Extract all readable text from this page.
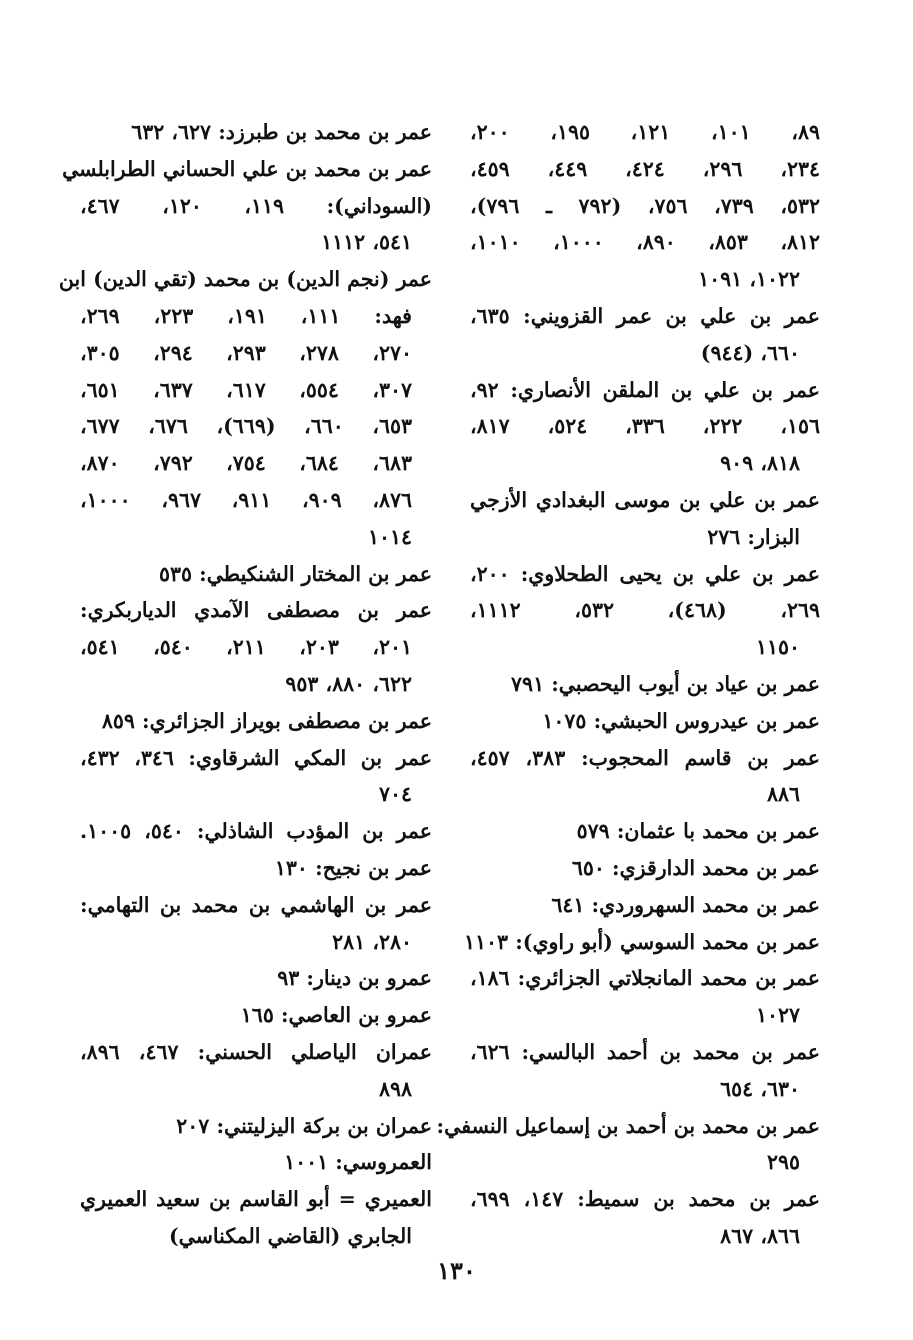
٨٩، ١٠١، ١٢١، ١٩٥، ٢٠٠،
٢٣٤، ٢٩٦، ٤٢٤، ٤٤٩، ٤٥٩،
٥٣٢، ٧٣٩، ٧٥٦، (٧٩٢ ـ ٧٩٦)،
٨١٢، ٨٥٣، ٨٩٠، ١٠٠٠، ١٠١٠،
١٠٢٢، ١٠٩١
عمر بن علي بن عمر القزويني: ٦٣٥،
٦٦٠، (٩٤٤)
عمر بن علي بن الملقن الأنصاري: ٩٢،
١٥٦، ٢٢٢، ٣٣٦، ٥٢٤، ٨١٧،
٨١٨، ٩٠٩
عمر بن علي بن موسى البغدادي الأزجي
البزار: ٢٧٦
عمر بن علي بن يحيى الطحلاوي: ٢٠٠،
٢٦٩، (٤٦٨)، ٥٣٢، ١١١٢،
١١٥٠
عمر بن عياد بن أيوب اليحصبي: ٧٩١
عمر بن عيدروس الحبشي: ١٠٧٥
عمر بن قاسم المحجوب: ٣٨٣، ٤٥٧،
٨٨٦
عمر بن محمد با عثمان: ٥٧٩
عمر بن محمد الدارقزي: ٦٥٠
عمر بن محمد السهروردي: ٦٤١
عمر بن محمد السوسي (أبو راوي): ١١٠٣
عمر بن محمد المانجلاتي الجزائري: ١٨٦،
١٠٢٧
عمر بن محمد بن أحمد البالسي: ٦٢٦،
٦٣٠، ٦٥٤
عمر بن محمد بن أحمد بن إسماعيل النسفي:
٢٩٥
عمر بن محمد بن سميط: ١٤٧، ٦٩٩،
٨٦٦، ٨٦٧
عمر بن محمد بن طبرزد: ٦٢٧، ٦٣٢
عمر بن محمد بن علي الحساني الطرابلسي
(السوداني): ١١٩، ١٢٠، ٤٦٧،
٥٤١، ١١١٢
عمر (نجم الدين) بن محمد (تقي الدين) ابن
فهد: ١١١، ١٩١، ٢٢٣، ٢٦٩،
٢٧٠، ٢٧٨، ٢٩٣، ٢٩٤، ٣٠٥،
٣٠٧، ٥٥٤، ٦١٧، ٦٣٧، ٦٥١،
٦٥٣، ٦٦٠، (٦٦٩)، ٦٧٦، ٦٧٧،
٦٨٣، ٦٨٤، ٧٥٤، ٧٩٢، ٨٧٠،
٨٧٦، ٩٠٩، ٩١١، ٩٦٧، ١٠٠٠،
١٠١٤
عمر بن المختار الشنكيطي: ٥٣٥
عمر بن مصطفى الآمدي الدياربكري:
٢٠١، ٢٠٣، ٢١١، ٥٤٠، ٥٤١،
٦٢٢، ٨٨٠، ٩٥٣
عمر بن مصطفى بويراز الجزائري: ٨٥٩
عمر بن المكي الشرقاوي: ٣٤٦، ٤٣٢،
٧٠٤
عمر بن المؤدب الشاذلي: ٥٤٠، ١٠٠٥.
عمر بن نجيح: ١٣٠
عمر بن الهاشمي بن محمد بن التهامي:
٢٨٠، ٢٨١
عمرو بن دينار: ٩٣
عمرو بن العاصي: ١٦٥
عمران الياصلي الحسني: ٤٦٧، ٨٩٦،
٨٩٨
عمران بن بركة اليزليتني: ٢٠٧
العمروسي: ١٠٠١
العميري = أبو القاسم بن سعيد العميري
الجابري (القاضي المكناسي)
١٣٠
